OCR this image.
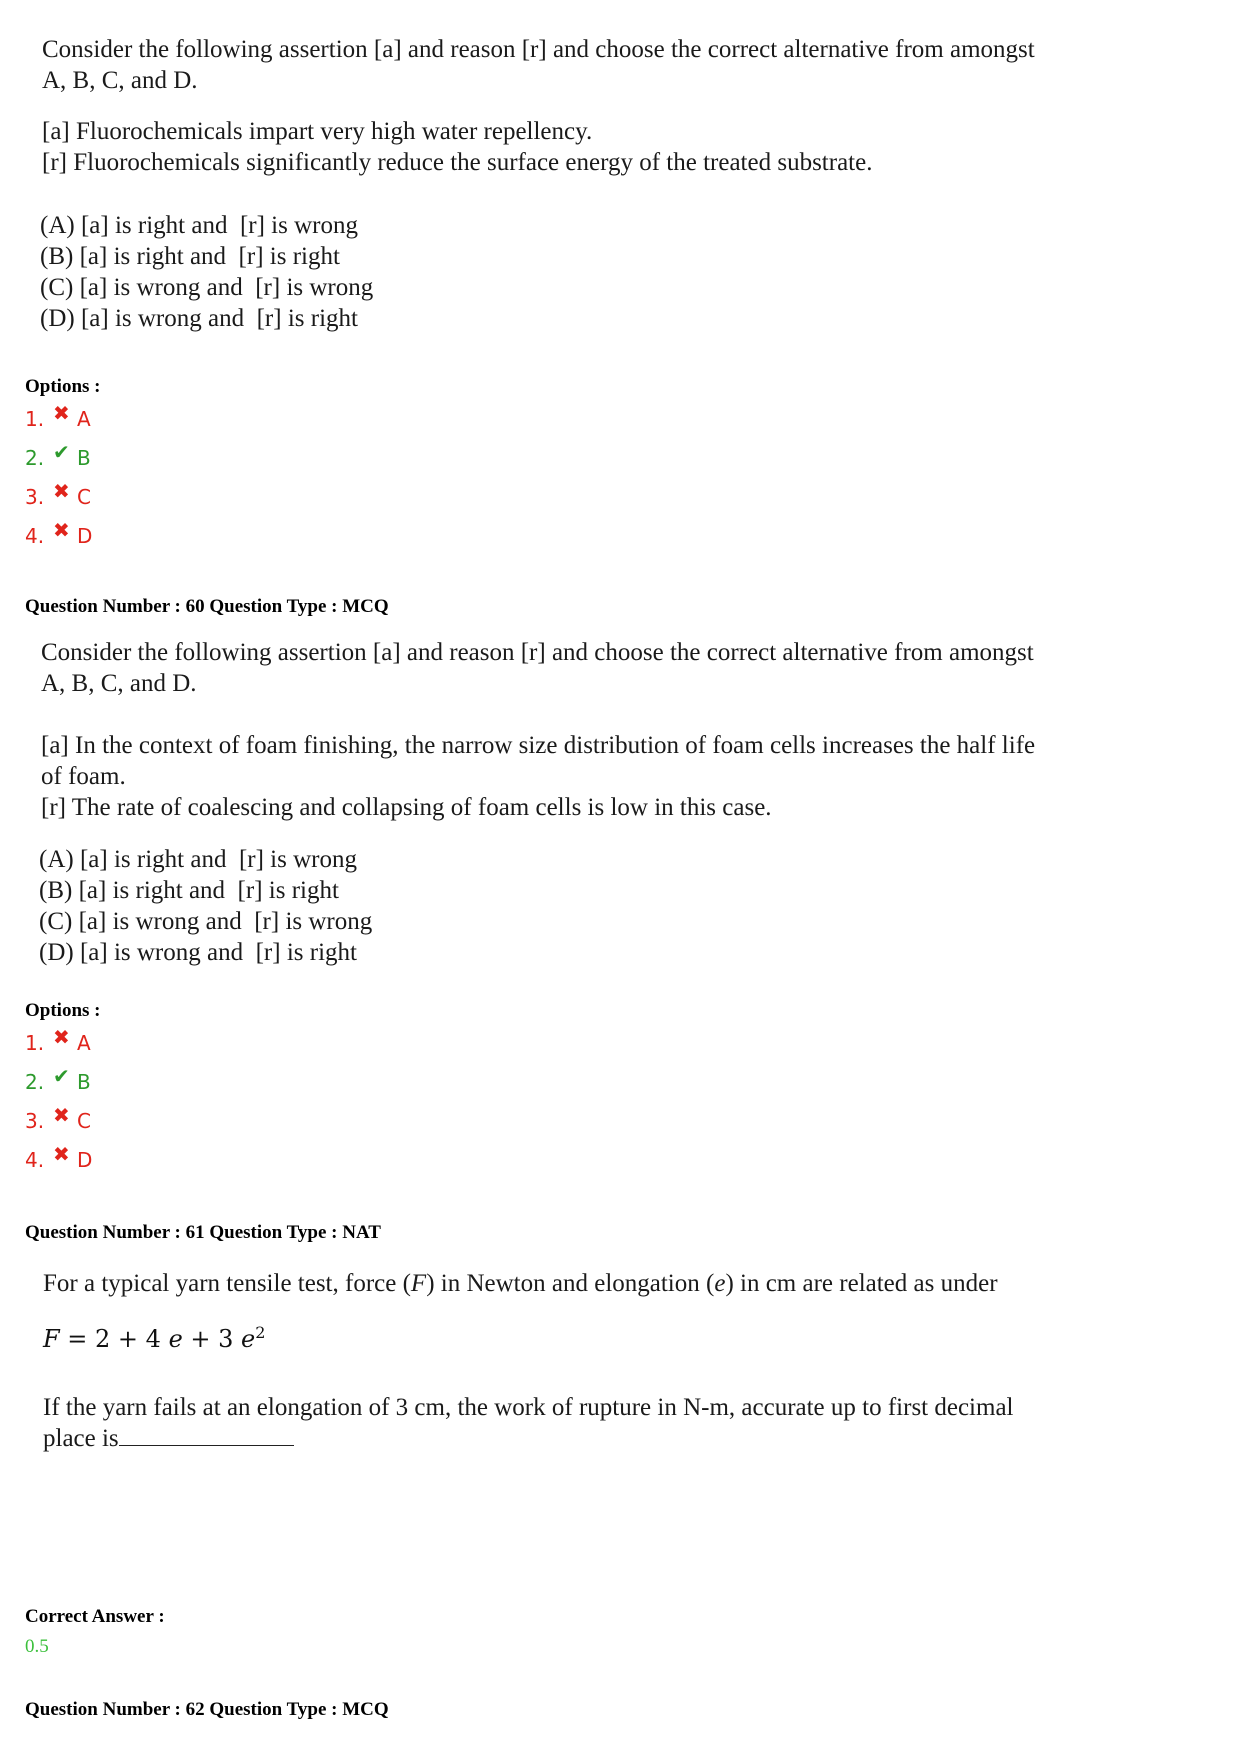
Consider the following assertion [a] and reason [r] and choose the correct alternative from amongst
A, B, C, and D.
[a] Fluorochemicals impart very high water repellency.
[r] Fluorochemicals significantly reduce the surface energy of the treated substrate.
(A) [a] is right and  [r] is wrong
(B) [a] is right and  [r] is right
(C) [a] is wrong and  [r] is wrong
(D) [a] is wrong and  [r] is right
Options :
1. ✖ A
2. ✔ B
3. ✖ C
4. ✖ D
Question Number : 60 Question Type : MCQ
Consider the following assertion [a] and reason [r] and choose the correct alternative from amongst
A, B, C, and D.
[a] In the context of foam finishing, the narrow size distribution of foam cells increases the half life
of foam.
[r] The rate of coalescing and collapsing of foam cells is low in this case.
(A) [a] is right and  [r] is wrong
(B) [a] is right and  [r] is right
(C) [a] is wrong and  [r] is wrong
(D) [a] is wrong and  [r] is right
Options :
1. ✖ A
2. ✔ B
3. ✖ C
4. ✖ D
Question Number : 61 Question Type : NAT
For a typical yarn tensile test, force (F) in Newton and elongation (e) in cm are related as under
F = 2 + 4 e + 3 $e^2$
If the yarn fails at an elongation of 3 cm, the work of rupture in N-m, accurate up to first decimal
place is
Correct Answer :
0.5
Question Number : 62 Question Type : MCQ
